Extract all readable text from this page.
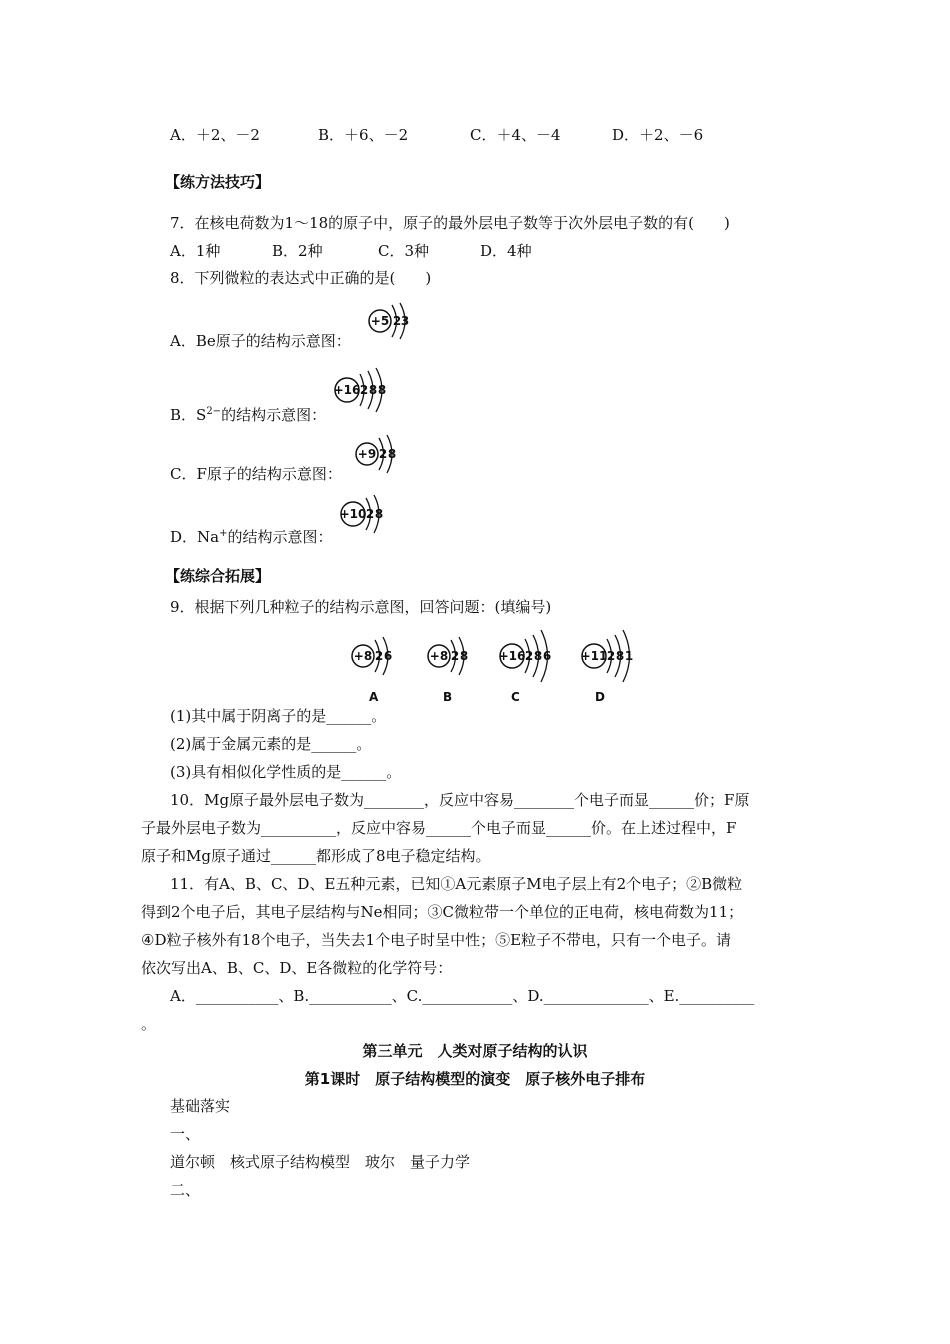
A．＋2、－2	B．＋6、－2	C．＋4、－4	D．＋2、－6
【练方法技巧】
7．在核电荷数为1～18的原子中，原子的最外层电子数等于次外层电子数的有(　　)
A．1种	B．2种	C．3种	D．4种
8．下列微粒的表达式中正确的是(　　)
A．Be原子的结构示意图：
+5 2 3
B．$S^{2-}$的结构示意图：
+16 2 8 8
C．F原子的结构示意图：
+9 2 8
D．Na+的结构示意图：
+10 2 8
【练综合拓展】
9．根据下列几种粒子的结构示意图，回答问题：(填编号)
+8 2 6
A
+8 2 8
B
+16 2 8 6
C
+11 2 8 1
D
(1)其中属于阴离子的是______。
(2)属于金属元素的是______。
(3)具有相似化学性质的是______。
10．Mg原子最外层电子数为________，反应中容易________个电子而显______价；F原
子最外层电子数为__________，反应中容易______个电子而显______价。在上述过程中，F
原子和Mg原子通过______都形成了8电子稳定结构。
11．有A、B、C、D、E五种元素，已知①A元素原子M电子层上有2个电子；②B微粒
得到2个电子后，其电子层结构与Ne相同；③C微粒带一个单位的正电荷，核电荷数为11；
④D粒子核外有18个电子，当失去1个电子时呈中性；⑤E粒子不带电，只有一个电子。请
依次写出A、B、C、D、E各微粒的化学符号：
A．___________、B.___________、C.____________、D.______________、E.__________
。
第三单元　人类对原子结构的认识
第1课时　原子结构模型的演变　原子核外电子排布
基础落实
一、
道尔顿　核式原子结构模型　玻尔　量子力学
二、
